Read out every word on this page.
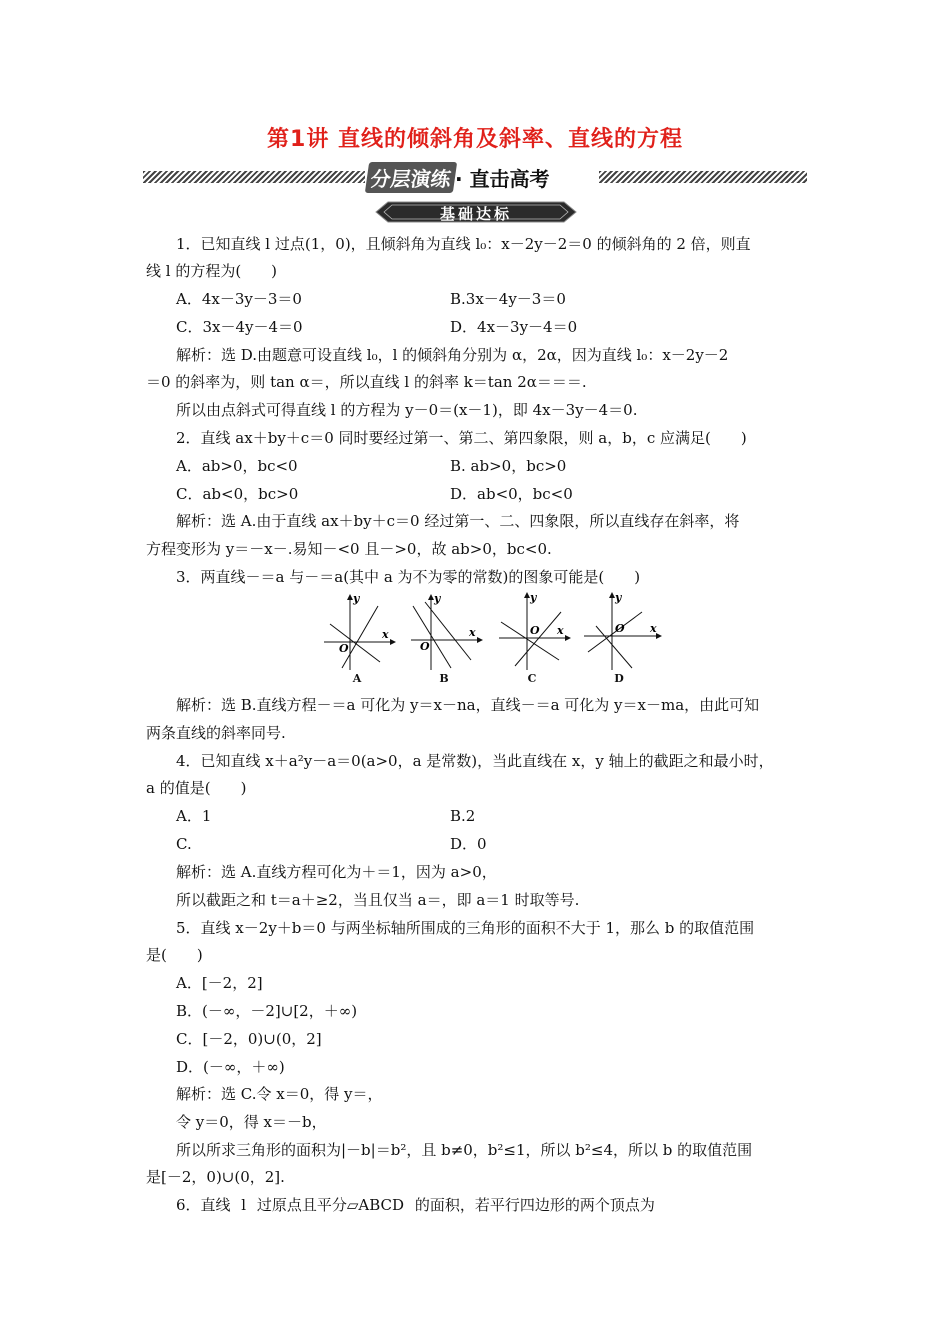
第1讲 直线的倾斜角及斜率、直线的方程
分层演练 · 直击高考
基础达标
1．已知直线 l 过点(1，0)，且倾斜角为直线 l₀：x－2y－2＝0 的倾斜角的 2 倍，则直
线 l 的方程为(　　)
A．4x－3y－3＝0	B.3x－4y－3＝0
C．3x－4y－4＝0	D．4x－3y－4＝0
解析：选 D.由题意可设直线 l₀，l 的倾斜角分别为 α，2α，因为直线 l₀：x－2y－2
＝0 的斜率为，则 tan α＝，所以直线 l 的斜率 k＝tan 2α＝＝＝.
所以由点斜式可得直线 l 的方程为 y－0＝(x－1)，即 4x－3y－4＝0.
2．直线 ax＋by＋c＝0 同时要经过第一、第二、第四象限，则 a，b，c 应满足(　　)
A．ab>0，bc<0	B. ab>0，bc>0
C．ab<0，bc>0	D．ab<0，bc<0
解析：选 A.由于直线 ax＋by＋c＝0 经过第一、二、四象限，所以直线存在斜率，将
方程变形为 y＝－x－.易知－<0 且－>0，故 ab>0，bc<0.
3．两直线－＝a 与－＝a(其中 a 为不为零的常数)的图象可能是(　　)
y
x
O
A
y
x
O
B
y
x
O
C
y
x
O
D
解析：选 B.直线方程－＝a 可化为 y＝x－na，直线－＝a 可化为 y＝x－ma，由此可知
两条直线的斜率同号.
4．已知直线 x＋a²y－a＝0(a>0，a 是常数)，当此直线在 x，y 轴上的截距之和最小时，
a 的值是(　　)
A．1	B.2
C.	D．0
解析：选 A.直线方程可化为＋＝1，因为 a>0，
所以截距之和 t＝a＋≥2，当且仅当 a＝，即 a＝1 时取等号.
5．直线 x－2y＋b＝0 与两坐标轴所围成的三角形的面积不大于 1，那么 b 的取值范围
是(　　)
A．[－2，2]
B．(－∞，－2]∪[2，＋∞)
C．[－2，0)∪(0，2]
D．(－∞，＋∞)
解析：选 C.令 x＝0，得 y＝，
令 y＝0，得 x＝－b，
所以所求三角形的面积为|－b|＝b²，且 b≠0，b²≤1，所以 b²≤4，所以 b 的取值范围
是[－2，0)∪(0，2].
6．直线 l 过原点且平分▱ABCD 的面积，若平行四边形的两个顶点为
